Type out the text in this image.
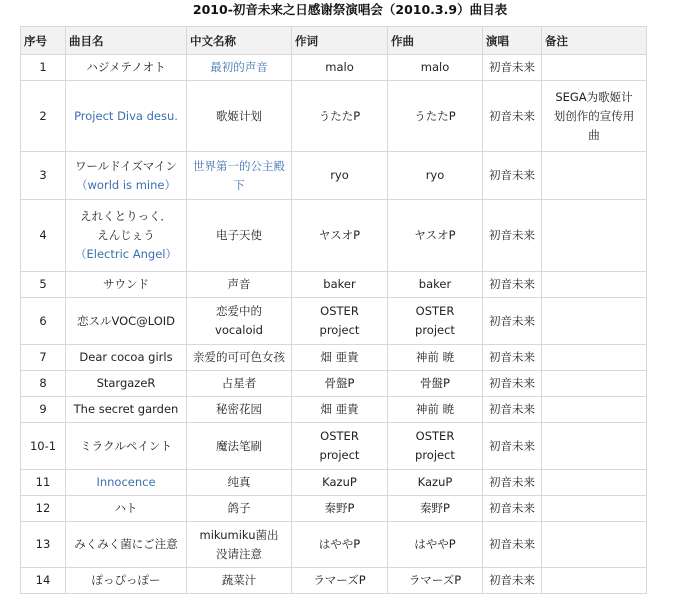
2010-初音未来之日感谢祭演唱会（2010.3.9）曲目表
序号	曲目名	中文名称	作词	作曲	演唱	备注
1	ハジメテノオト	最初的声音	malo	malo	初音未来	
2	Project Diva desu.	歌姬计划	うたたP	うたたP	初音未来	SEGA为歌姬计划创作的宣传用曲
3	ワールドイズマイン
（world is mine）	世界第一的公主殿下	ryo	ryo	初音未来	
4	えれくとりっく．えんじぇう
（Electric Angel）	电子天使	ヤスオP	ヤスオP	初音未来	
5	サウンド	声音	baker	baker	初音未来	
6	恋スルVOC@LOID	恋爱中的vocaloid	OSTER project	OSTER project	初音未来	
7	Dear cocoa girls	亲爱的可可色女孩	畑 亜貴	神前 暁	初音未来	
8	StargazeR	占星者	骨盤P	骨盤P	初音未来	
9	The secret garden	秘密花园	畑 亜貴	神前 暁	初音未来	
10-1	ミラクルペイント	魔法笔刷	OSTER project	OSTER project	初音未来	
11	Innocence	纯真	KazuP	KazuP	初音未来	
12	ハト	鸽子	秦野P	秦野P	初音未来	
13	みくみく菌にご注意	mikumiku菌出没请注意	はややP	はややP	初音未来	
14	ぽっぴっぽー	蔬菜汁	ラマーズP	ラマーズP	初音未来	
